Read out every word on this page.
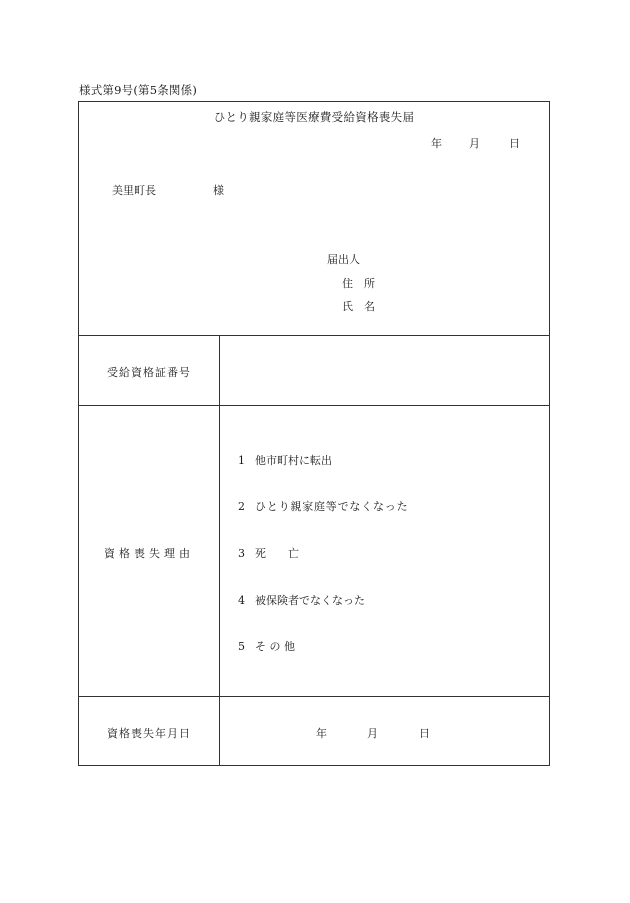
様式第9号(第5条関係)
ひとり親家庭等医療費受給資格喪失届
年 月	日
美里町長	様
届出人
住　所
氏　名
受給資格証番号
資格喪失理由
1 他市町村に転出
2 ひとり親家庭等でなくなった
3 死　　亡
4 被保険者でなくなった
5 そ の 他
資格喪失年月日	年	月	日
